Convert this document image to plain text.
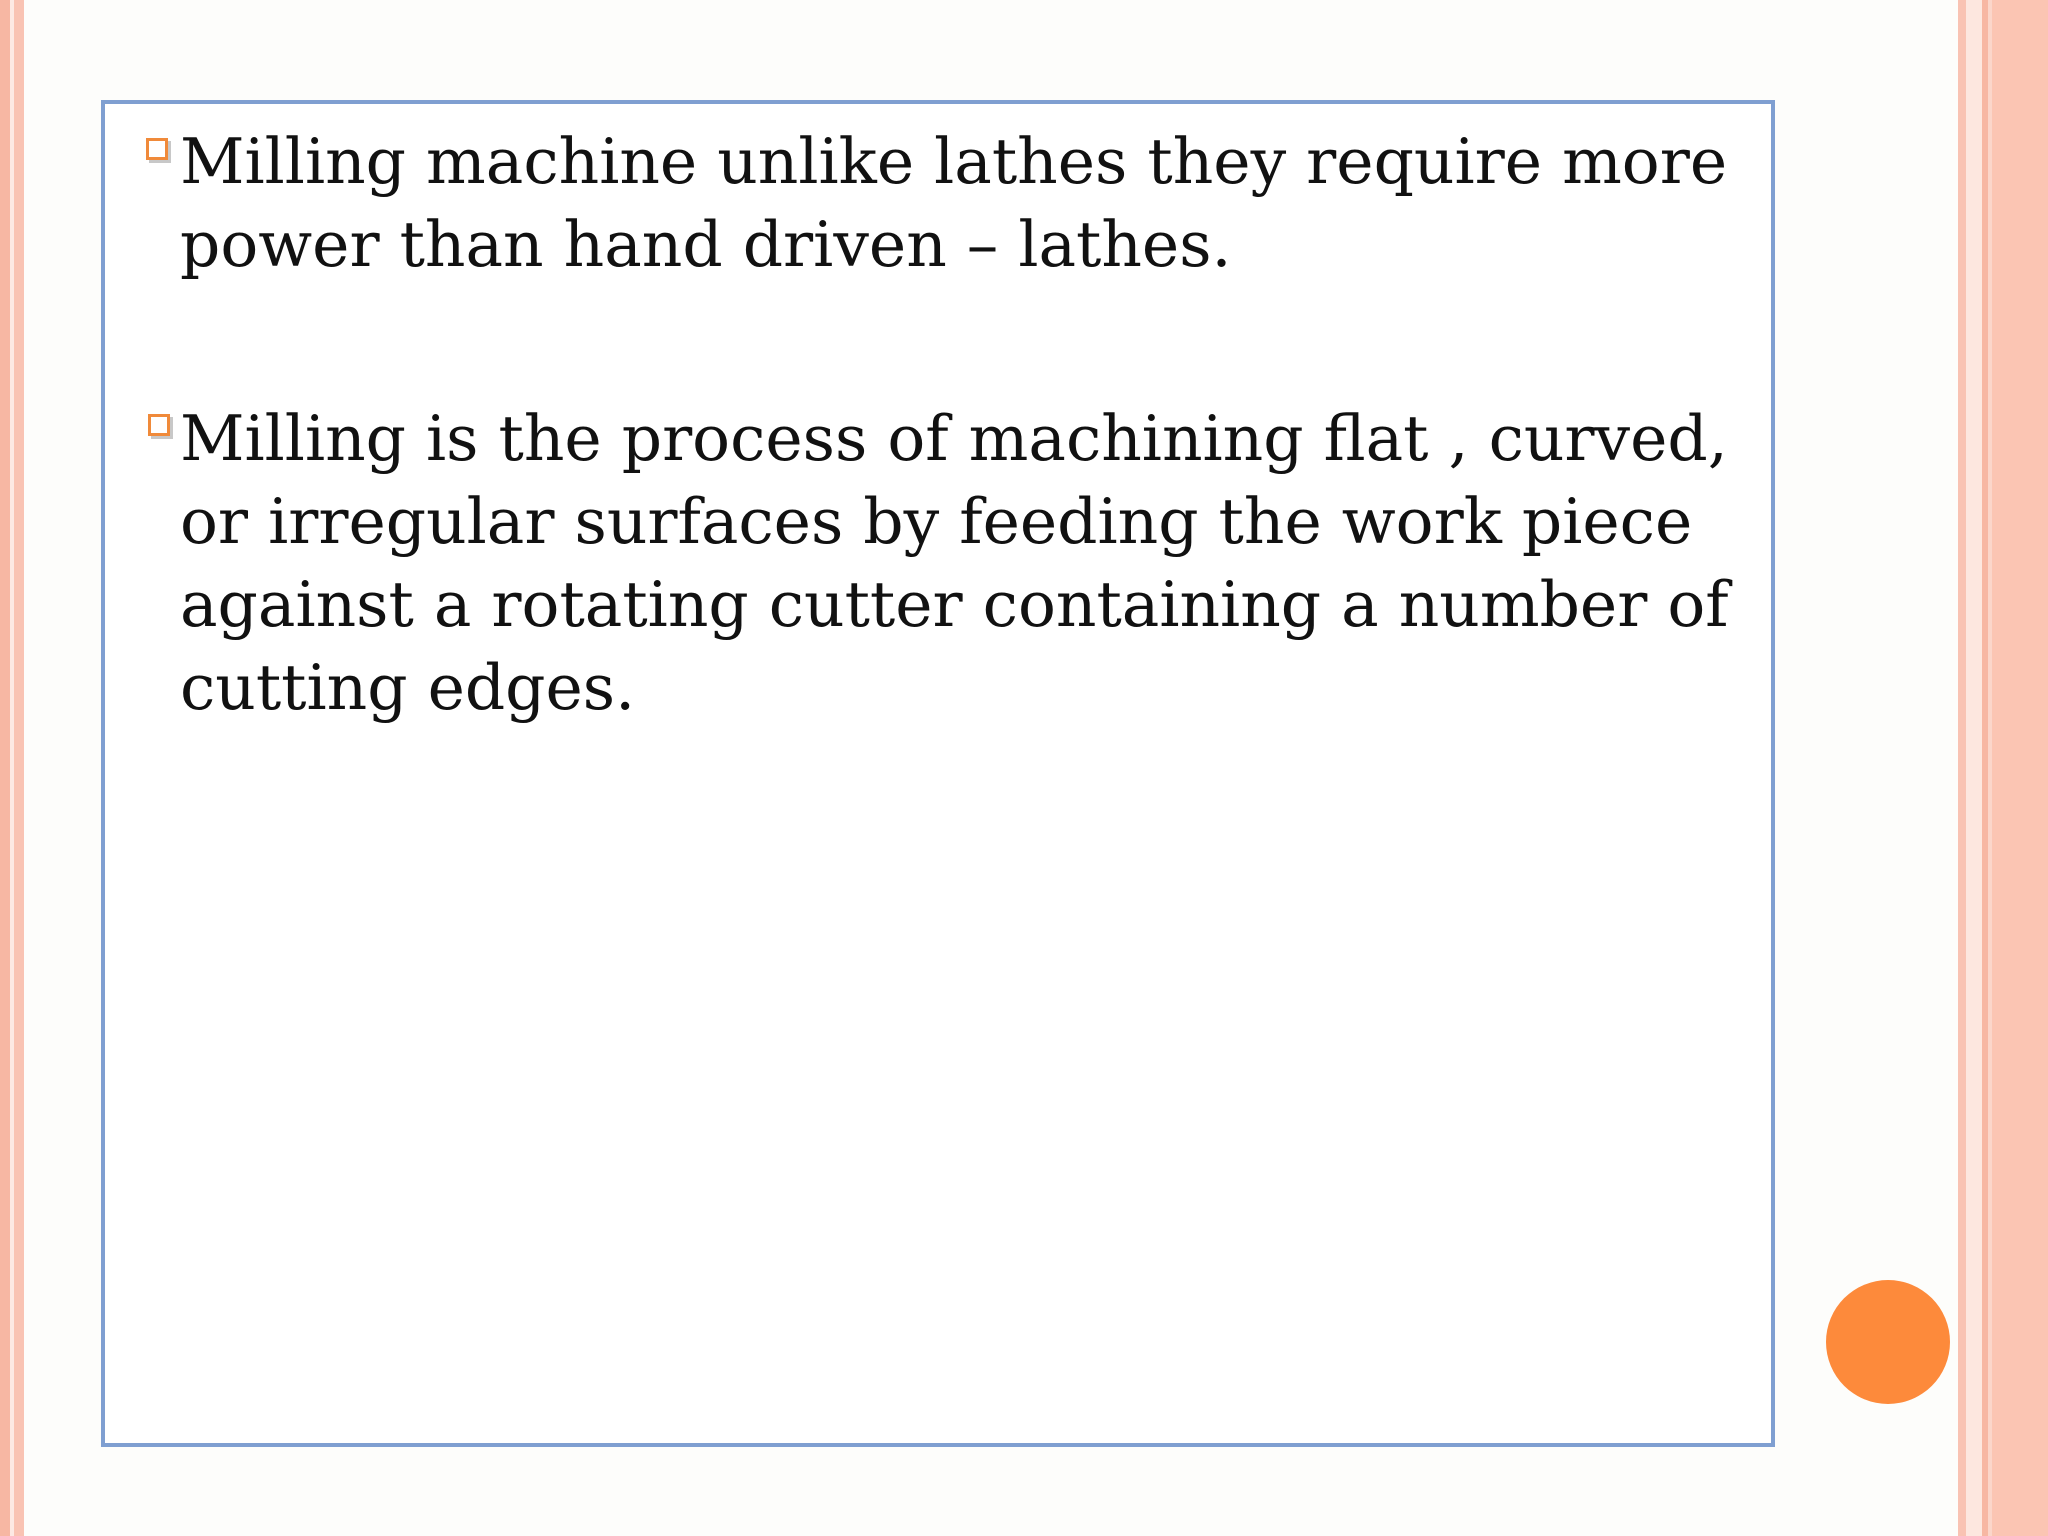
Milling machine unlike lathes they require more power than hand driven – lathes.

Milling is the process of machining flat , curved, or irregular surfaces by feeding the work piece against a rotating cutter containing a number of cutting edges.
